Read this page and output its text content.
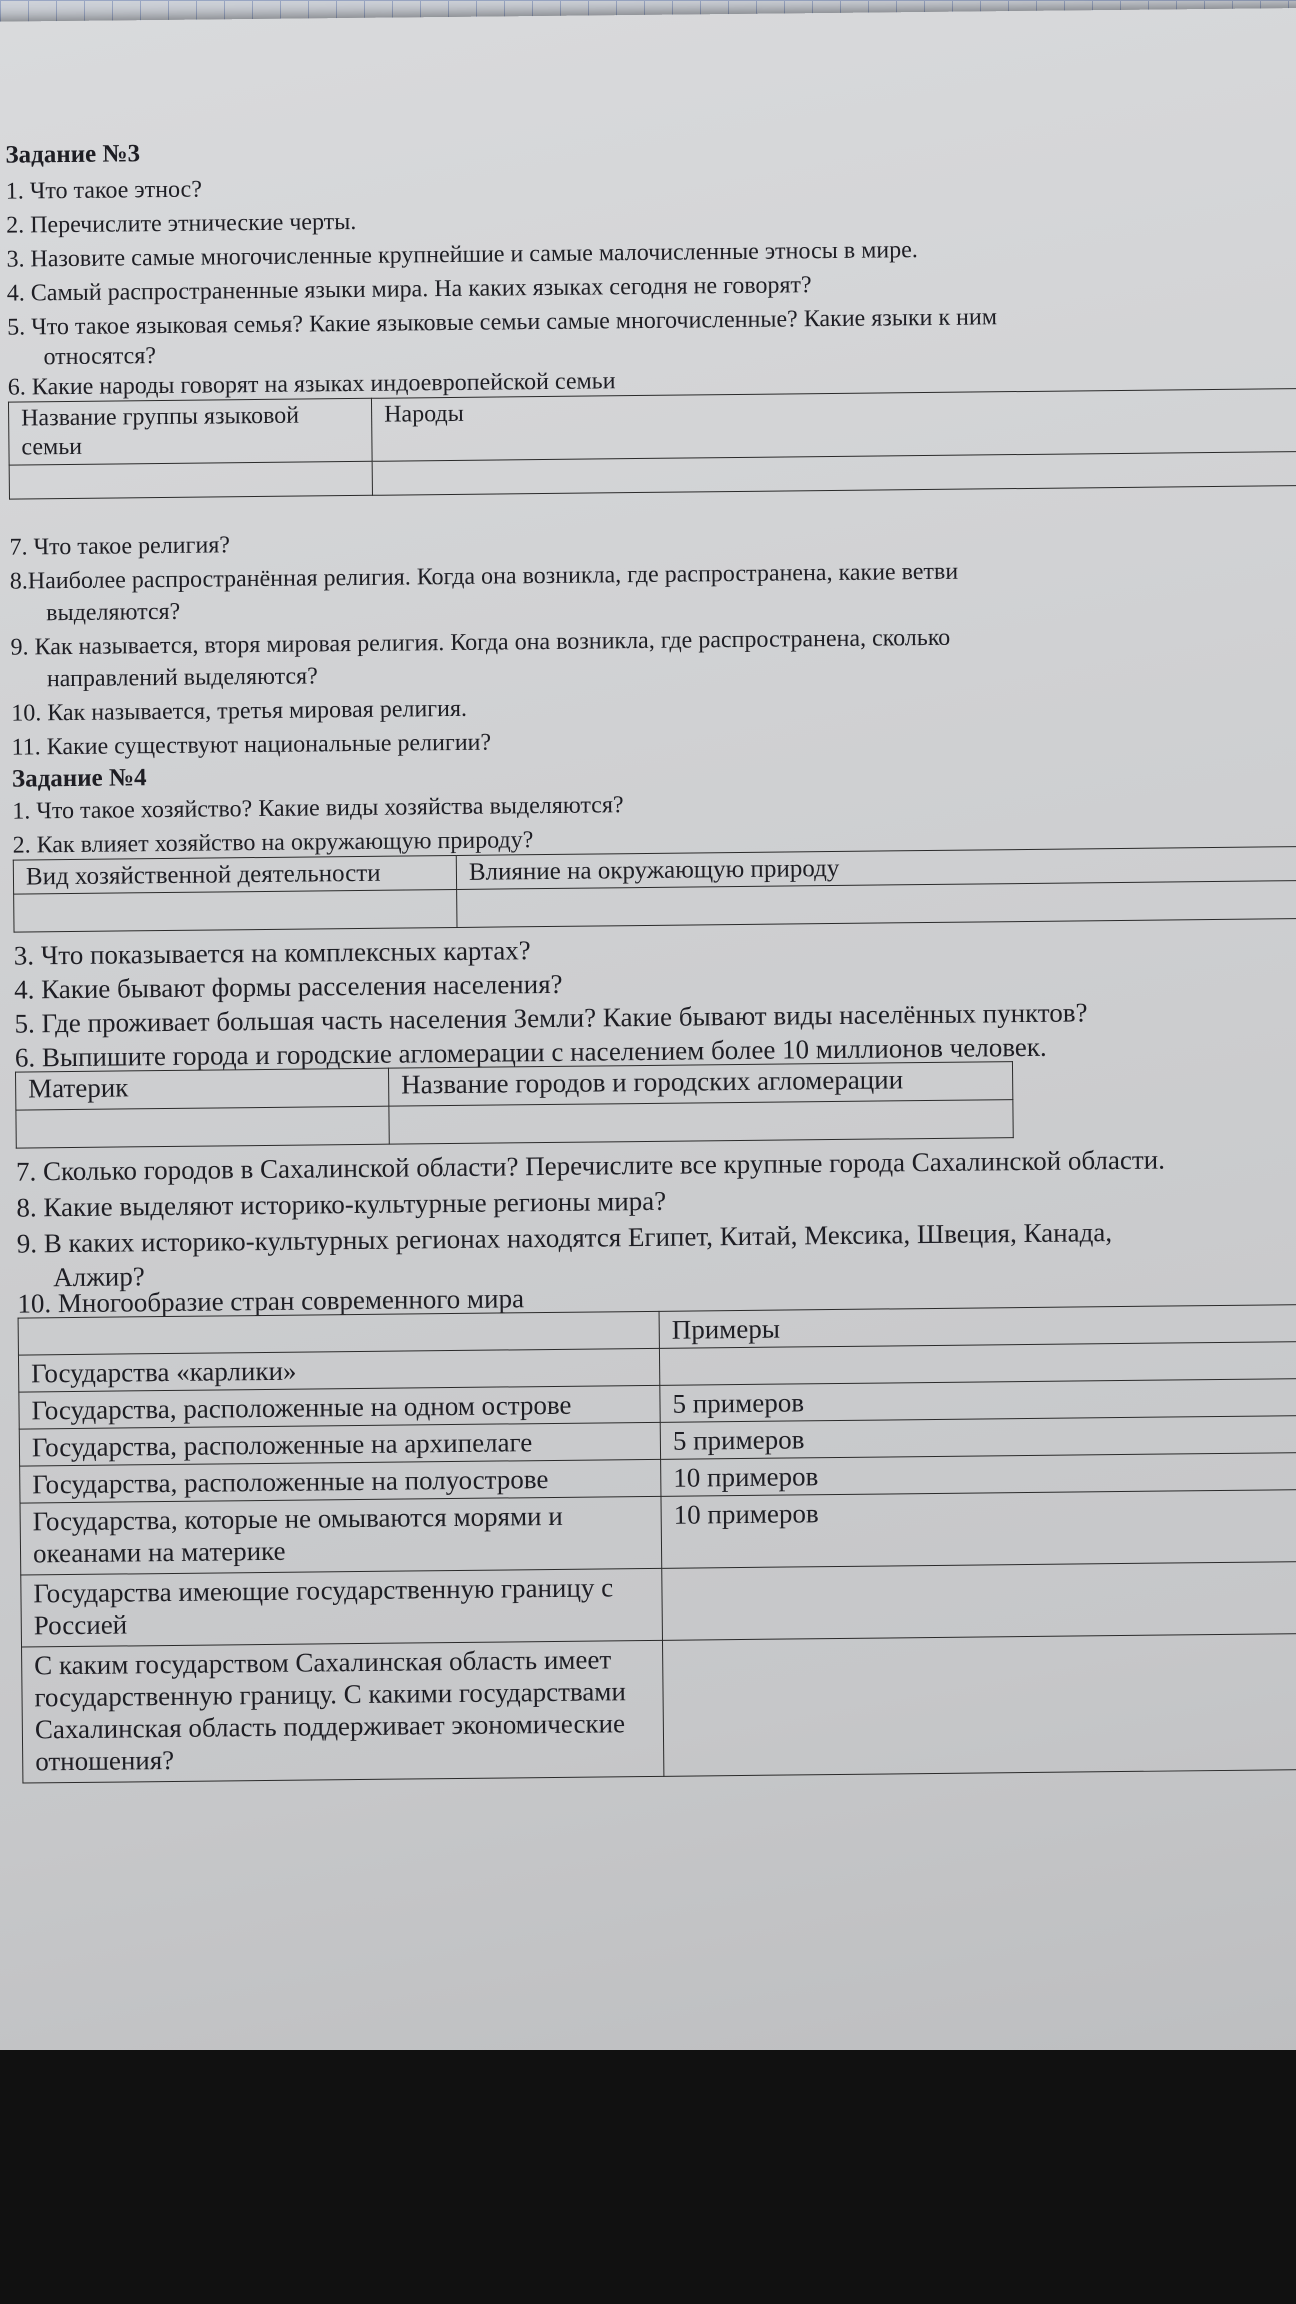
Задание №3
1. Что такое этнос?
2. Перечислите этнические черты.
3. Назовите самые многочисленные крупнейшие и самые малочисленные этносы в мире.
4. Самый распространенные языки мира. На каких языках сегодня не говорят?
5. Что такое языковая семья? Какие языковые семьи самые многочисленные? Какие языки к ним
относятся?
6. Какие народы говорят на языках индоевропейской семьи
Название группы языковой семьи	Народы

7. Что такое религия?
8.Наиболее распространённая религия. Когда она возникла, где распространена, какие ветви
выделяются?
9. Как называется, вторя мировая религия. Когда она возникла, где распространена, сколько
направлений выделяются?
10. Как называется, третья мировая религия.
11. Какие существуют национальные религии?
Задание №4
1. Что такое хозяйство? Какие виды хозяйства выделяются?
2. Как влияет хозяйство на окружающую природу?
Вид хозяйственной деятельности	Влияние на окружающую природу

3. Что показывается на комплексных картах?
4. Какие бывают формы расселения населения?
5. Где проживает большая часть населения Земли? Какие бывают виды населённых пунктов?
6. Выпишите города и городские агломерации с населением более 10 миллионов человек.
Материк	Название городов и городских агломерации

7. Сколько городов в Сахалинской области? Перечислите все крупные города Сахалинской области.
8. Какие выделяют историко-культурные регионы мира?
9. В каких историко-культурных регионах находятся Египет, Китай, Мексика, Швеция, Канада,
Алжир?
10. Многообразие стран современного мира
	Примеры
Государства «карлики»	
Государства, расположенные на одном острове	5 примеров
Государства, расположенные на архипелаге	5 примеров
Государства, расположенные на полуострове	10 примеров
Государства, которые не омываются морями и океанами на материке	10 примеров
Государства имеющие государственную границу с Россией	
С каким государством Сахалинская область имеет государственную границу. С какими государствами Сахалинская область поддерживает экономические отношения?	
